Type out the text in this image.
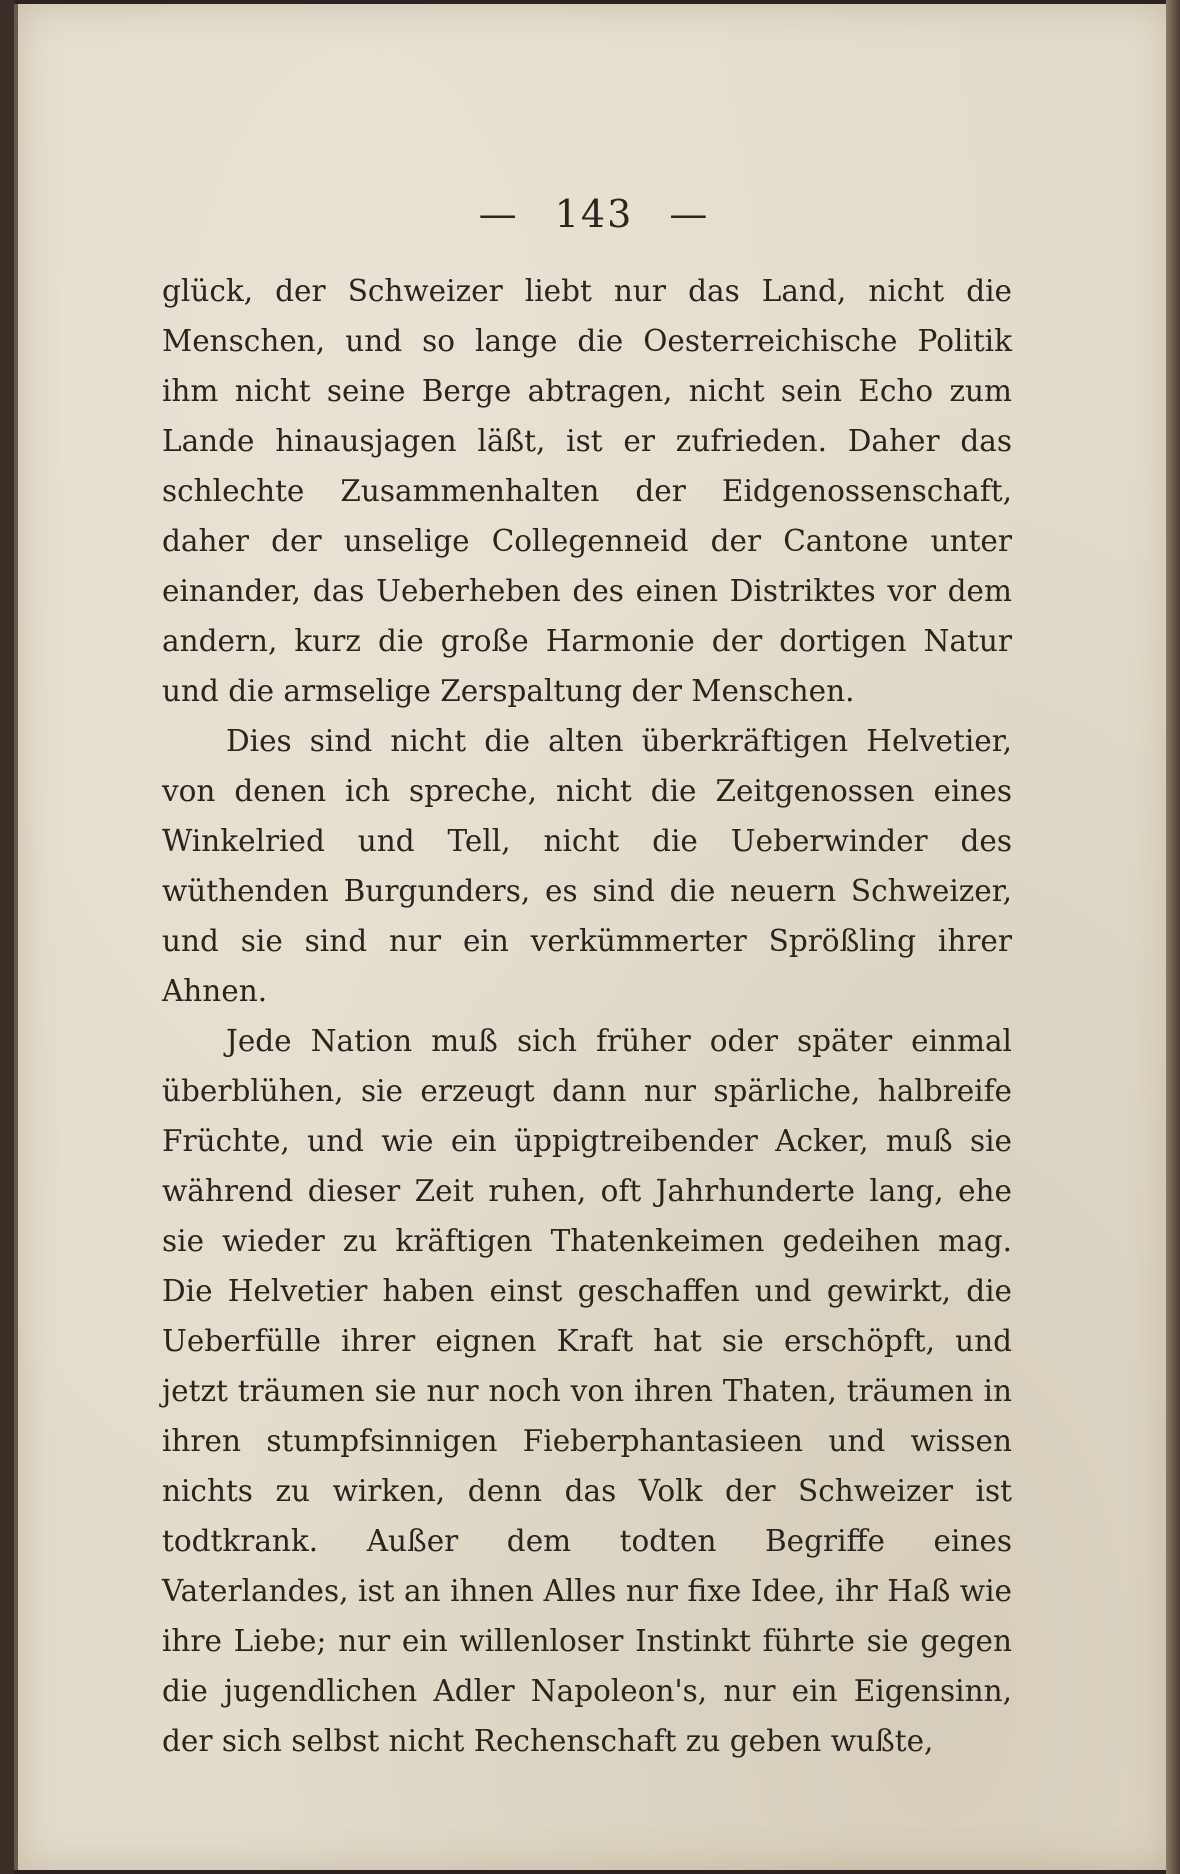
— 143 —

glück, der Schweizer liebt nur das Land, nicht die Menschen, und so lange die Oesterreichische Politik ihm nicht seine Berge abtragen, nicht sein Echo zum Lande hinausjagen läßt, ist er zufrieden. Daher das schlechte Zusammenhalten der Eidgenossenschaft, daher der unselige Collegenneid der Cantone unter einander, das Ueberheben des einen Distriktes vor dem andern, kurz die große Harmonie der dortigen Natur und die armselige Zerspaltung der Menschen.

Dies sind nicht die alten überkräftigen Helvetier, von denen ich spreche, nicht die Zeitgenossen eines Winkelried und Tell, nicht die Ueberwinder des wüthenden Burgunders, es sind die neuern Schweizer, und sie sind nur ein verkümmerter Sprößling ihrer Ahnen.

Jede Nation muß sich früher oder später einmal überblühen, sie erzeugt dann nur spärliche, halbreife Früchte, und wie ein üppigtreibender Acker, muß sie während dieser Zeit ruhen, oft Jahrhunderte lang, ehe sie wieder zu kräftigen Thatenkeimen gedeihen mag. Die Helvetier haben einst geschaffen und gewirkt, die Ueberfülle ihrer eignen Kraft hat sie erschöpft, und jetzt träumen sie nur noch von ihren Thaten, träumen in ihren stumpfsinnigen Fieberphantasieen und wissen nichts zu wirken, denn das Volk der Schweizer ist todtkrank. Außer dem todten Begriffe eines Vaterlandes, ist an ihnen Alles nur fixe Idee, ihr Haß wie ihre Liebe; nur ein willenloser Instinkt führte sie gegen die jugendlichen Adler Napoleon's, nur ein Eigensinn, der sich selbst nicht Rechenschaft zu geben wußte,
